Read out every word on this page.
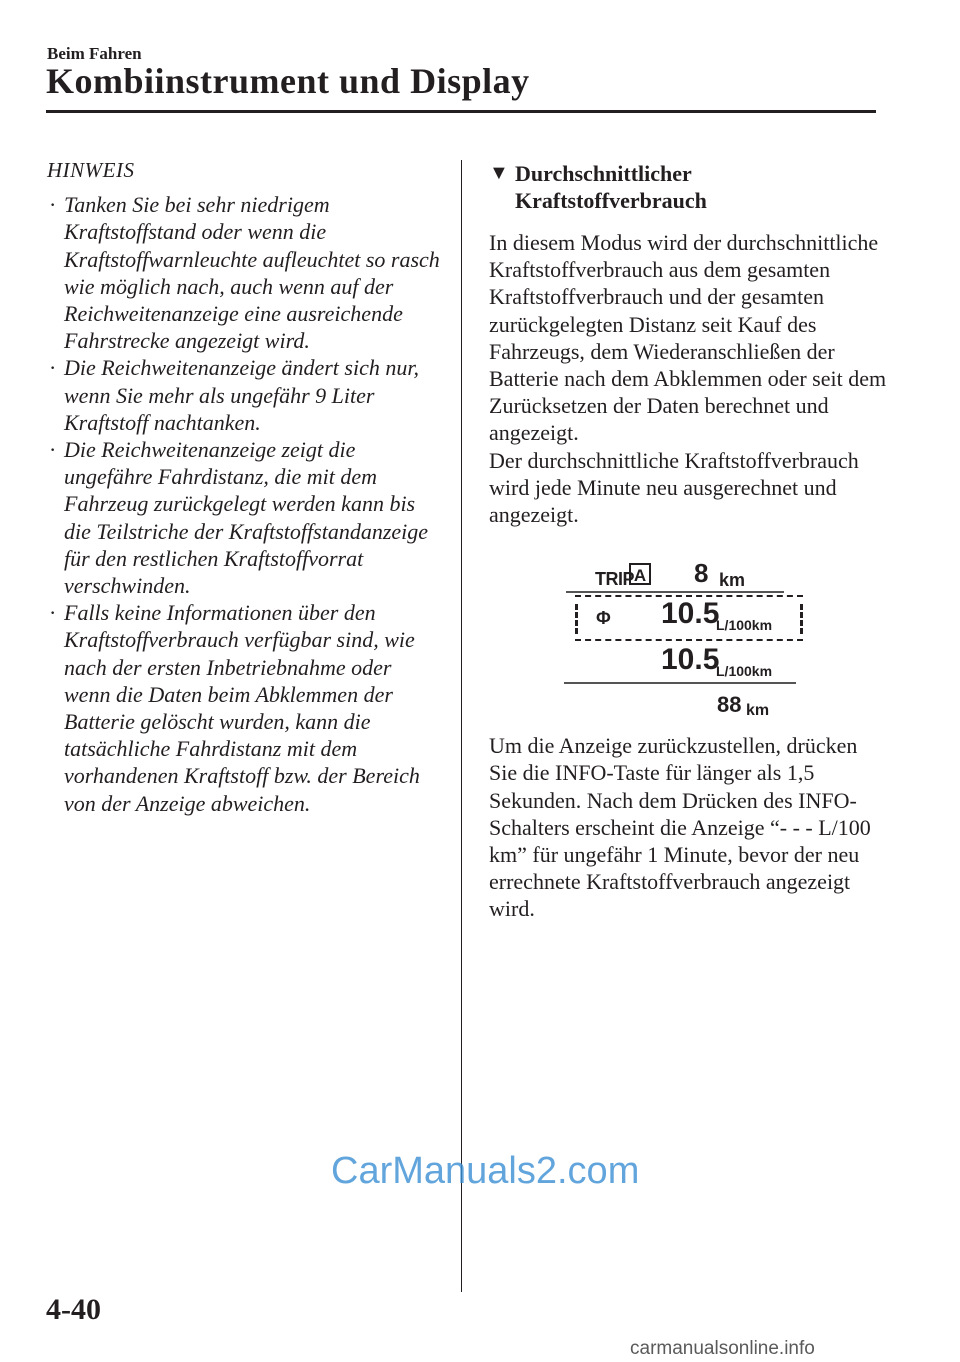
Beim Fahren
Kombiinstrument und Display
HINWEIS
· Tanken Sie bei sehr niedrigem Kraftstoffstand oder wenn die Kraftstoffwarnleuchte aufleuchtet so rasch wie möglich nach, auch wenn auf der Reichweitenanzeige eine ausreichende Fahrstrecke angezeigt wird.
· Die Reichweitenanzeige ändert sich nur, wenn Sie mehr als ungefähr 9 Liter Kraftstoff nachtanken.
· Die Reichweitenanzeige zeigt die ungefähre Fahrdistanz, die mit dem Fahrzeug zurückgelegt werden kann bis die Teilstriche der Kraftstoffstandanzeige für den restlichen Kraftstoffvorrat verschwinden.
· Falls keine Informationen über den Kraftstoffverbrauch verfügbar sind, wie nach der ersten Inbetriebnahme oder wenn die Daten beim Abklemmen der Batterie gelöscht wurden, kann die tatsächliche Fahrdistanz mit dem vorhandenen Kraftstoff bzw. der Bereich von der Anzeige abweichen.
▼ Durchschnittlicher
Kraftstoffverbrauch

In diesem Modus wird der durchschnittliche Kraftstoffverbrauch aus dem gesamten Kraftstoffverbrauch und der gesamten zurückgelegten Distanz seit Kauf des Fahrzeugs, dem Wiederanschließen der Batterie nach dem Abklemmen oder seit dem Zurücksetzen der Daten berechnet und angezeigt.

Der durchschnittliche Kraftstoffverbrauch wird jede Minute neu ausgerechnet und angezeigt.

TRIP A 8 km
Φ 10.5
L/100km
10.5
L/100km
88 km

Um die Anzeige zurückzustellen, drücken Sie die INFO-Taste für länger als 1,5 Sekunden. Nach dem Drücken des INFO-Schalters erscheint die Anzeige “- - - L/100 km” für ungefähr 1 Minute, bevor der neu errechnete Kraftstoffverbrauch angezeigt wird.

CarManuals2.com
4-40
carmanualsonline.info
